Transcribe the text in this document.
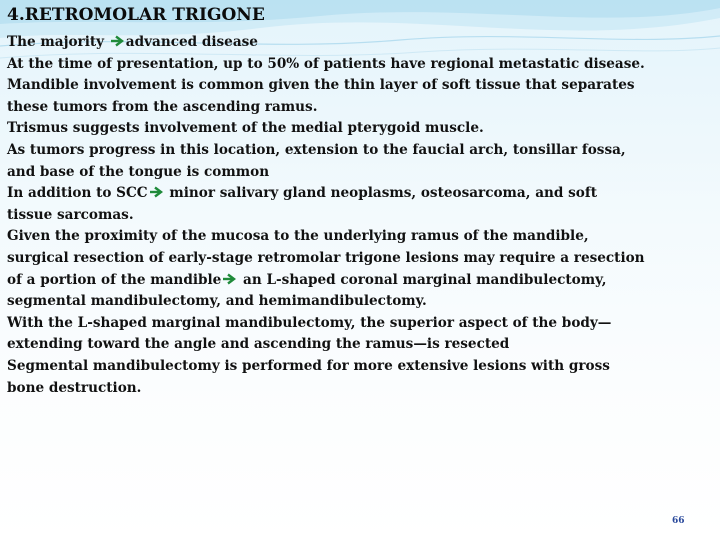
4.RETROMOLAR TRIGONE
The majority advanced disease
At the time of presentation, up to 50% of patients have regional metastatic disease.
Mandible involvement is common given the thin layer of soft tissue that separates
these tumors from the ascending ramus.
Trismus suggests involvement of the medial pterygoid muscle.
As tumors progress in this location, extension to the faucial arch, tonsillar fossa,
and base of the tongue is common
In addition to SCC minor salivary gland neoplasms, osteosarcoma, and soft
tissue sarcomas.
Given the proximity of the mucosa to the underlying ramus of the mandible,
surgical resection of early-stage retromolar trigone lesions may require a resection
of a portion of the mandible an L-shaped coronal marginal mandibulectomy,
segmental mandibulectomy, and hemimandibulectomy.
With the L-shaped marginal mandibulectomy, the superior aspect of the body—
extending toward the angle and ascending the ramus—is resected
Segmental mandibulectomy is performed for more extensive lesions with gross
bone destruction.
66
